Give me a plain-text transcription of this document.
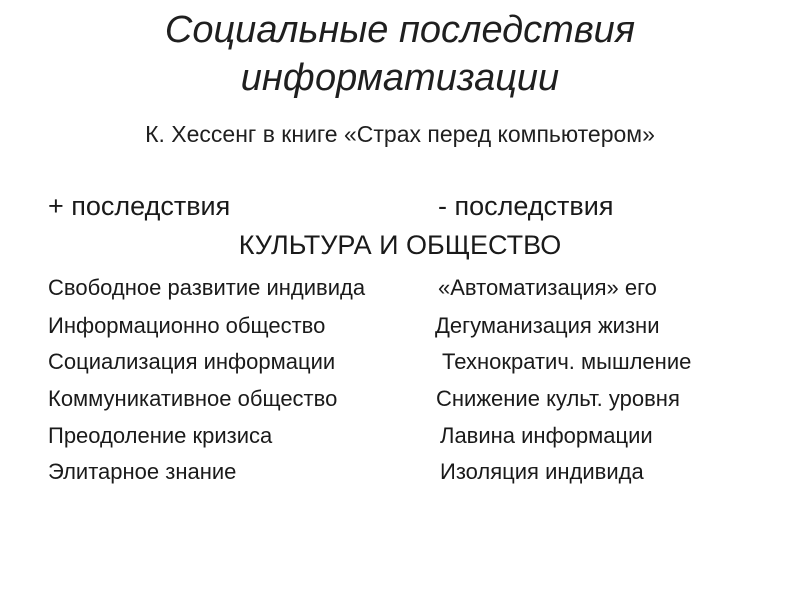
Социальные последствия
информатизации
К. Хессенг в книге «Страх перед компьютером»
+ последствия	- последствия
КУЛЬТУРА И ОБЩЕСТВО
Свободное развитие индивида	«Автоматизация» его
Информационно общество	Дегуманизация жизни
Социализация информации	Технократич. мышление
Коммуникативное общество	Снижение культ. уровня
Преодоление кризиса	Лавина информации
Элитарное знание	Изоляция индивида
